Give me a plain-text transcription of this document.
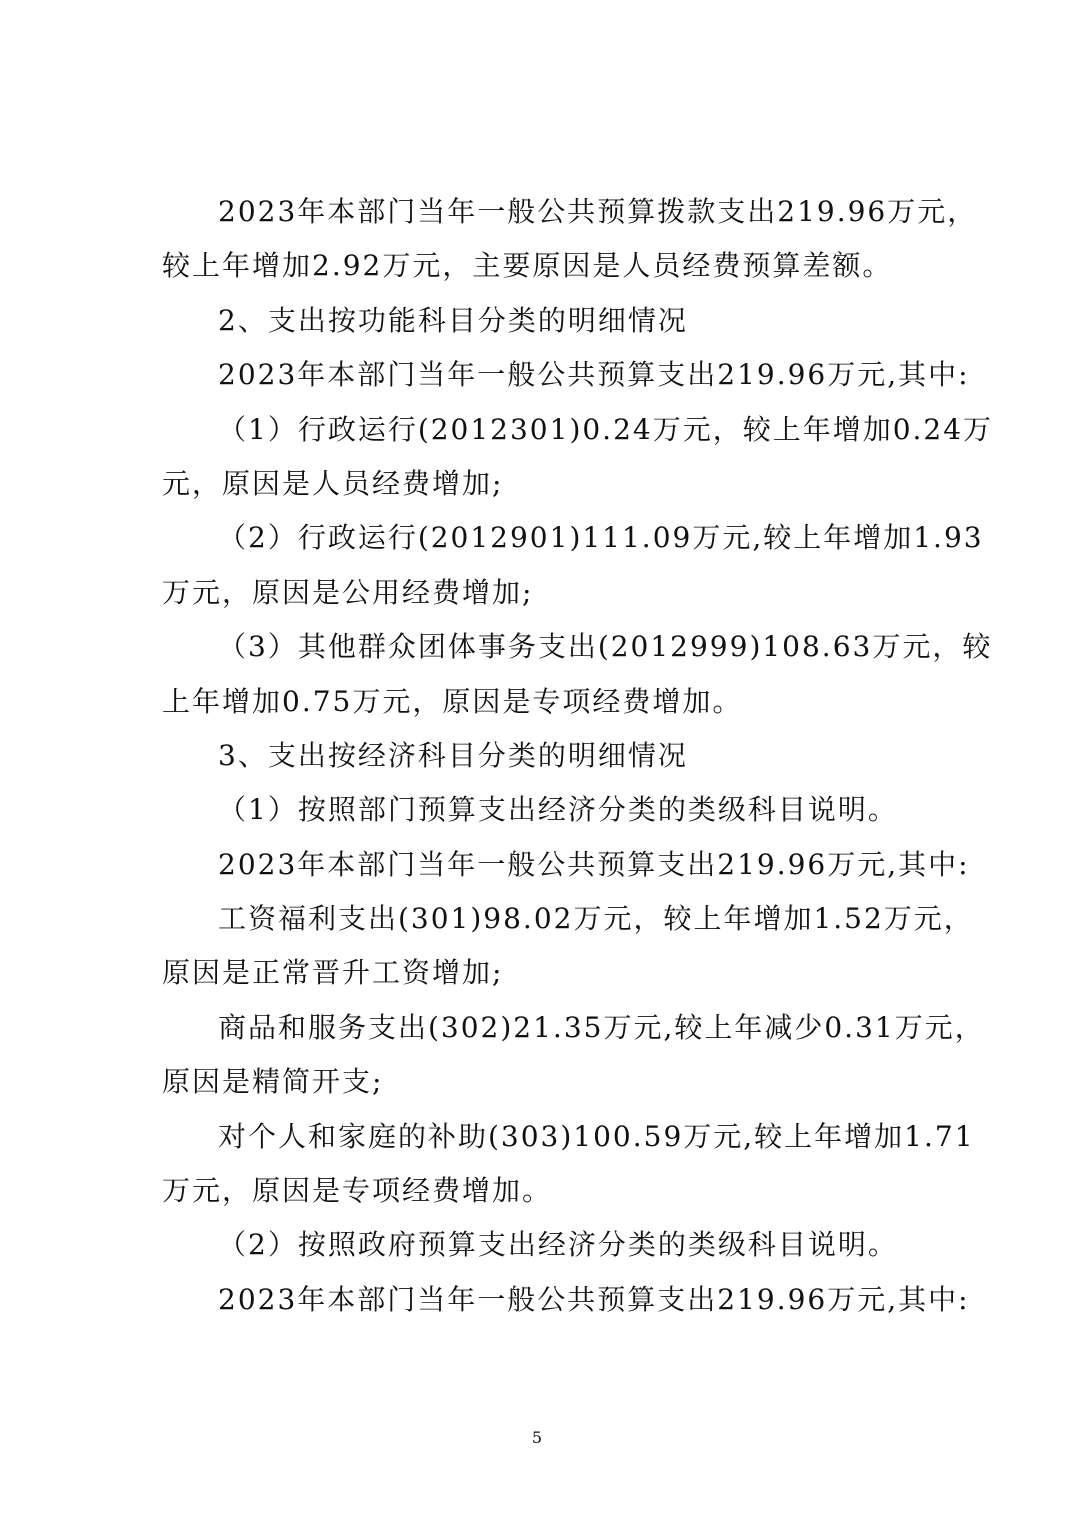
2023年本部门当年一般公共预算拨款支出219.96万元，
较上年增加2.92万元，主要原因是人员经费预算差额。
2、支出按功能科目分类的明细情况
2023年本部门当年一般公共预算支出219.96万元,其中:
（1）行政运行(2012301)0.24万元，较上年增加0.24万
元，原因是人员经费增加;
（2）行政运行(2012901)111.09万元,较上年增加1.93
万元，原因是公用经费增加;
（3）其他群众团体事务支出(2012999)108.63万元，较
上年增加0.75万元，原因是专项经费增加。
3、支出按经济科目分类的明细情况
（1）按照部门预算支出经济分类的类级科目说明。
2023年本部门当年一般公共预算支出219.96万元,其中:
工资福利支出(301)98.02万元，较上年增加1.52万元，
原因是正常晋升工资增加;
商品和服务支出(302)21.35万元,较上年减少0.31万元，
原因是精简开支;
对个人和家庭的补助(303)100.59万元,较上年增加1.71
万元，原因是专项经费增加。
（2）按照政府预算支出经济分类的类级科目说明。
2023年本部门当年一般公共预算支出219.96万元,其中:
5
